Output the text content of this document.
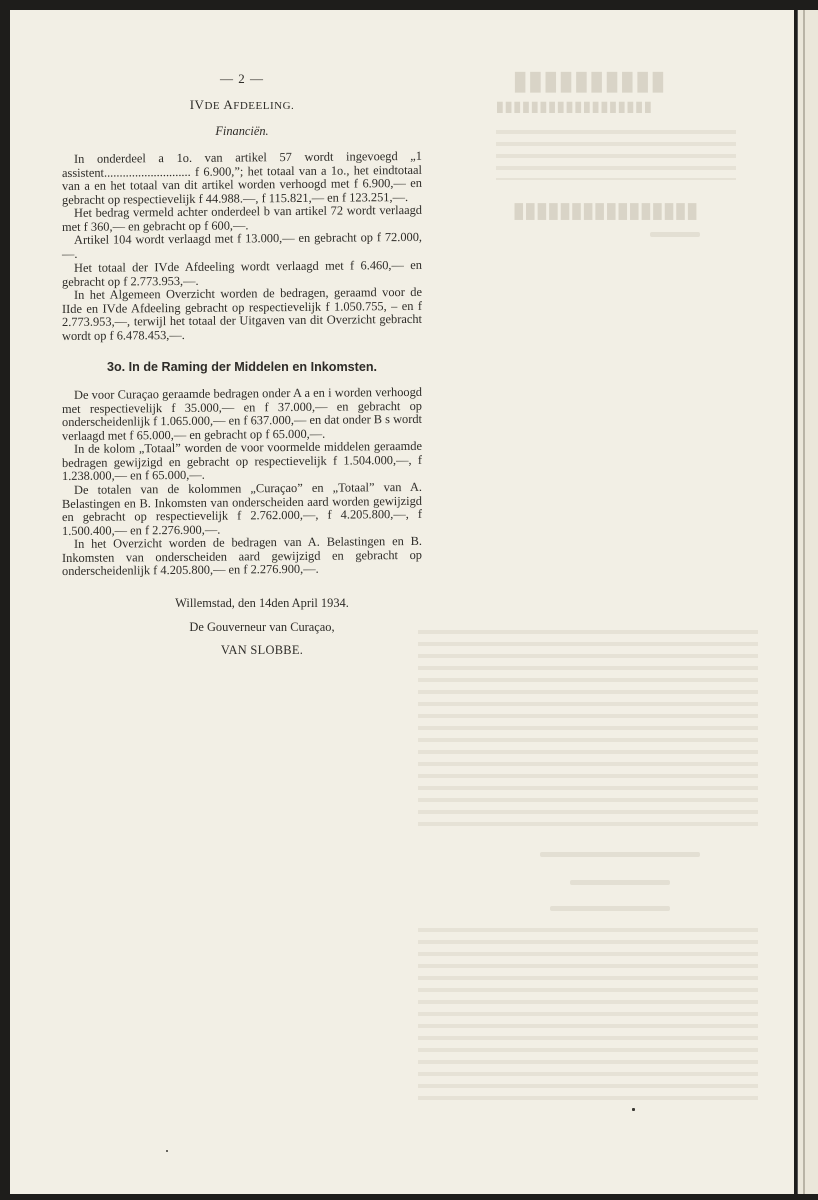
▮▮▮▮▮▮▮▮▮▮
▮▮▮▮▮▮▮▮▮▮▮▮▮▮▮▮▮▮
▮▮▮▮▮▮▮▮▮▮▮▮▮▮▮▮
— 2 —
IVDE AFDEELING.
Financiën.

In onderdeel a 1o. van artikel 57 wordt ingevoegd „1 assistent............................ f 6.900,”; het totaal van a 1o., het eindtotaal van a en het totaal van dit artikel worden verhoogd met f 6.900,— en gebracht op respectievelijk f 44.988.—, f 115.821,— en f 123.251,—.

Het bedrag vermeld achter onderdeel b van artikel 72 wordt verlaagd met f 360,— en gebracht op f 600,—.

Artikel 104 wordt verlaagd met f 13.000,— en gebracht op f 72.000,—.

Het totaal der IVde Afdeeling wordt verlaagd met f 6.460,— en gebracht op f 2.773.953,—.

In het Algemeen Overzicht worden de bedragen, geraamd voor de IIde en IVde Afdeeling gebracht op respectievelijk f 1.050.755, – en f 2.773.953,—, terwijl het totaal der Uitgaven van dit Overzicht gebracht wordt op f 6.478.453,—.

3o. In de Raming der Middelen en Inkomsten.

De voor Curaçao geraamde bedragen onder A a en i worden verhoogd met respectievelijk f 35.000,— en f 37.000,— en gebracht op onderscheidenlijk f 1.065.000,— en f 637.000,— en dat onder B s wordt verlaagd met f 65.000,— en gebracht op f 65.000,—.

In de kolom „Totaal” worden de voor voormelde middelen geraamde bedragen gewijzigd en gebracht op respectievelijk f 1.504.000,—, f 1.238.000,— en f 65.000,—.

De totalen van de kolommen „Curaçao” en „Totaal” van A. Belastingen en B. Inkomsten van onderscheiden aard worden gewijzigd en gebracht op respectievelijk f 2.762.000,—, f 4.205.800,—, f 1.500.400,— en f 2.276.900,—.

In het Overzicht worden de bedragen van A. Belastingen en B. Inkomsten van onderscheiden aard gewijzigd en gebracht op onderscheidenlijk f 4.205.800,— en f 2.276.900,—.

Willemstad, den 14den April 1934.

De Gouverneur van Curaçao,

VAN SLOBBE.
